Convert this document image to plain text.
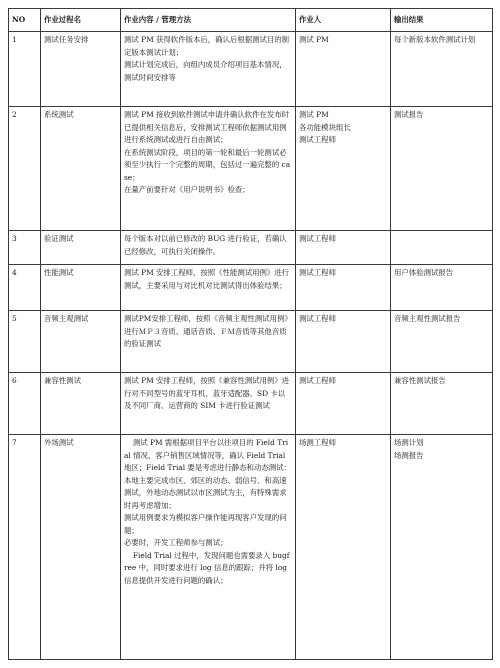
NO	作业过程名	作业内容 / 管理方法	作业人	输出结果
1	测试任务安排	测试 PM 获得软件版本后，确认后根据测试目的制定版本测试计划；
测试计划完成后，向组内成员介绍项目基本情况，测试时间安排等	测试 PM	每个新版本软件测试计划

2	系统测试	测试 PM 接收到软件测试申请并确认软件在发布时已提供相关信息后，安排测试工程师依据测试用例进行系统测试或进行自由测试；
在系统测试阶段，项目的第一轮和最后一轮测试必须至少执行一个完整的周期，包括过一遍完整的 case；
在量产前要针对《用户说明书》检查；	测试 PM
各功能模块组长
测试工程师	测试报告

3	验证测试	每个版本对以前已修改的 BUG 进行验证，若确认已经修改，可执行关闭操作。	测试工程师	
4	性能测试	测试 PM 安排工程师，按照《性能测试用例》进行测试，主要采用与对比机对比测试得出体验结果；	测试工程师	用户体验测试报告

5	音频主观测试	测试PM安排工程师，按照《音频主观性测试用例》进行ＭＰ３音质、通话音质、ＦＭ音质等其他音质的验证测试	测试工程师	音频主观性测试报告

6	兼容性测试	测试 PM 安排工程师，按照《兼容性测试用例》进行对不同型号的蓝牙耳机、蓝牙适配器、SD 卡以及不同厂商、运营商的 SIM 卡进行验证测试	测试工程师	兼容性测试报告

7	外场测试	测试 PM 需根据项目平台以往项目的 Field Trial 情况、客户销售区域情况等，确认 Field Trial 地区；Field Trial 要是考虑进行静态和动态测试：本地主要完成市区、郊区的动态、弱信号、和高速测试，外地动态测试以市区测试为主，有特殊需求时再考虑增加；
测试用例要求为模拟客户操作能再现客户发现的问题；
必要时，开发工程师参与测试；
Field Trial 过程中，发现问题也需要录入 bugfree 中，同时要求进行 log 信息的跟踪；并将 log 信息提供开发进行问题的确认；	场测工程师	场测计划
场测报告
